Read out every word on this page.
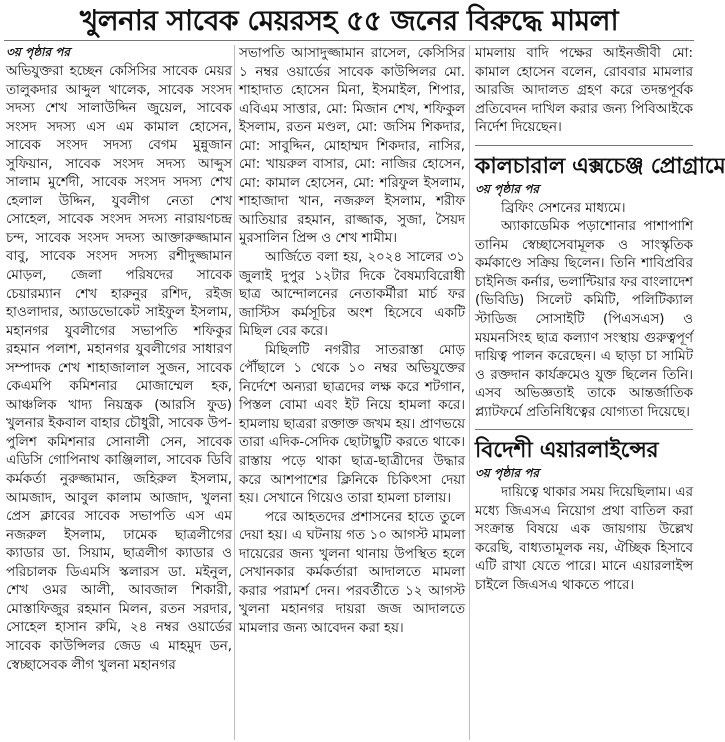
খুলনার সাবেক মেয়রসহ ৫৫ জনের বিরুদ্ধে মামলা
৩য় পৃষ্ঠার পর

অভিযুক্তরা হচ্ছেন কেসিসির সাবেক মেয়র তালুকদার আব্দুল খালেক, সাবেক সংসদ সদস্য শেখ সালাউদ্দিন জুয়েল, সাবেক সংসদ সদস্য এস এম কামাল হোসেন, সাবেক সংসদ সদস্য বেগম মুন্নুজান সুফিয়ান, সাবেক সংসদ সদস্য আব্দুস সালাম মুর্শেদী, সাবেক সংসদ সদস্য শেখ হেলাল উদ্দিন, যুবলীগ নেতা শেখ সোহেল, সাবেক সংসদ সদস্য নারায়ণচন্দ্র চন্দ, সাবেক সংসদ সদস্য আক্তারুজ্জামান বাবু, সাবেক সংসদ সদস্য রশীদুজ্জামান মোড়ল, জেলা পরিষদের সাবেক চেয়ারম্যান শেখ হারুনুর রশিদ, রইজ হাওলাদার, অ্যাডভোকেট সাইফুল ইসলাম, মহানগর যুবলীগের সভাপতি শফিকুর রহমান পলাশ, মহানগর যুবলীগের সাধারণ সম্পাদক শেখ শাহাজালাল সুজন, সাবেক কেএমপি কমিশনার মোজাম্মেল হক, আঞ্চলিক খাদ্য নিয়ন্ত্রক (আরসি ফুড) খুলনার ইকবাল বাহার চৌধুরী, সাবেক উপ-পুলিশ কমিশনার সোনালী সেন, সাবেক এডিসি গোপিনাথ কাঞ্জিলাল, সাবেক ডিবি কর্মকর্তা নুরুজ্জামান, জহিরুল ইসলাম, আমজাদ, আবুল কালাম আজাদ, খুলনা প্রেস ক্লাবের সাবেক সভাপতি এস এম নজরুল ইসলাম, ঢামেক ছাত্রলীগের ক্যাডার ডা. সিয়াম, ছাত্রলীগ ক্যাডার ও পরিচালক ডিএমসি স্কলারস ডা. মইনুল, শেখ ওমর আলী, আবজাল শিকারী, মোস্তাফিজুর রহমান মিলন, রতন সরদার, সোহেল হাসান রুমি, ২৪ নম্বর ওয়ার্ডের সাবেক কাউন্সিলর জেড এ মাহমুদ ডন, স্বেচ্ছাসেবক লীগ খুলনা মহানগর

সভাপতি আসাদুজ্জামান রাসেল, কেসিসির ১ নম্বর ওয়ার্ডের সাবেক কাউন্সিলর মো. শাহাদাত হোসেন মিনা, ইসমাইল, শিপার, এবিএম সাত্তার, মো: মিজান শেখ, শফিকুল ইসলাম, রতন মণ্ডল, মো: জসিম শিকদার, মো: সাবুদ্দিন, মোহাম্মদ শিকদার, নাসির, মো: খায়রুল বাসার, মো: নাজির হোসেন, মো: কামাল হোসেন, মো: শরিফুল ইসলাম, শাহাজাদা খান, নজরুল ইসলাম, শরীফ আতিয়ার রহমান, রাজ্জাক, সুজা, সৈয়দ মুরসালিন প্রিন্স ও শেখ শামীম।

আর্জিতে বলা হয়, ২০২৪ সালের ৩১ জুলাই দুপুর ১২টার দিকে বৈষম্যবিরোধী ছাত্র আন্দোলনের নেতাকর্মীরা মার্চ ফর জাস্টিস কর্মসূচির অংশ হিসেবে একটি মিছিল বের করে।

মিছিলটি নগরীর সাতরাস্তা মোড় পৌঁছালে ১ থেকে ১০ নম্বর অভিযুক্তের নির্দেশে অন্যরা ছাত্রদের লক্ষ করে শটগান, পিস্তল বোমা এবং ইট নিয়ে হামলা করে। হামলায় ছাত্ররা রক্তাক্ত জখম হয়। প্রাণভয়ে তারা এদিক-সেদিক ছোটাছুটি করতে থাকে। রাস্তায় পড়ে থাকা ছাত্র-ছাত্রীদের উদ্ধার করে আশপাশের ক্লিনিকে চিকিৎসা দেয়া হয়। সেখানে গিয়েও তারা হামলা চালায়।

পরে আহতদের প্রশাসনের হাতে তুলে দেয়া হয়। এ ঘটনায় গত ১০ আগস্ট মামলা দায়েরের জন্য খুলনা থানায় উপস্থিত হলে সেখানকার কর্মকর্তারা আদালতে মামলা করার পরামর্শ দেন। পরবর্তীতে ১২ আগস্ট খুলনা মহানগর দায়রা জজ আদালতে মামলার জন্য আবেদন করা হয়।

মামলায় বাদি পক্ষের আইনজীবী মো: কামাল হোসেন বলেন, রোববার মামলার আরজি আদালত গ্রহণ করে তদন্তপূর্বক প্রতিবেদন দাখিল করার জন্য পিবিআইকে নির্দেশ দিয়েছেন।

কালচারাল এক্সচেঞ্জ প্রোগ্রামে
৩য় পৃষ্ঠার পর

ব্রিফিং সেশনের মাধ্যমে।

অ্যাকাডেমিক পড়াশোনার পাশাপাশি তানিম স্বেচ্ছাসেবামূলক ও সাংস্কৃতিক কর্মকাণ্ডে সক্রিয় ছিলেন। তিনি শাবিপ্রবির চাইনিজ কর্নার, ভলান্টিয়ার ফর বাংলাদেশ (ভিবিডি) সিলেট কমিটি, পলিটিক্যাল স্টাডিজ সোসাইটি (পিএসএস) ও ময়মনসিংহ ছাত্র কল্যাণ সংস্থায় গুরুত্বপূর্ণ দায়িত্ব পালন করেছেন। এ ছাড়া চা সামিট ও রক্তদান কার্যক্রমেও যুক্ত ছিলেন তিনি। এসব অভিজ্ঞতাই তাকে আন্তর্জাতিক প্ল্যাটফর্মে প্রতিনিধিত্বের যোগ্যতা দিয়েছে।

বিদেশী এয়ারলাইন্সের
৩য় পৃষ্ঠার পর

দায়িত্বে থাকার সময় দিয়েছিলাম। এর মধ্যে জিএসএ নিয়োগ প্রথা বাতিল করা সংক্রান্ত বিষয়ে এক জায়গায় উল্লেখ করেছি, বাধ্যতামূলক নয়, ঐচ্ছিক হিসাবে এটি রাখা যেতে পারে। মানে এয়ারলাইন্স চাইলে জিএসএ থাকতে পারে।
